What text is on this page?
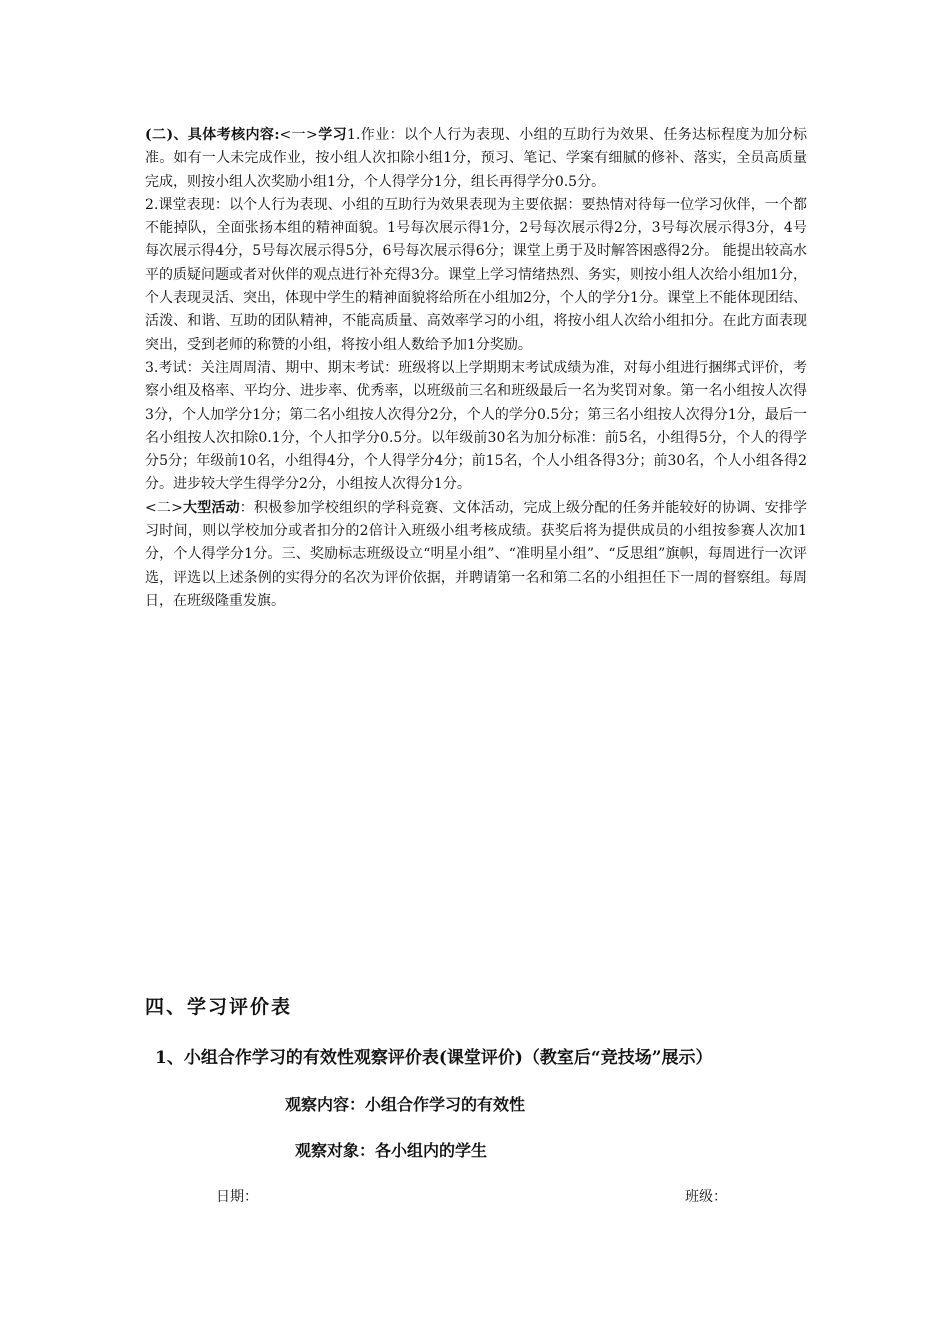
(二)、具体考核内容:<一>学习1.作业：以个人行为表现、小组的互助行为效果、任务达标程度为加分标准。如有一人未完成作业，按小组人次扣除小组1分，预习、笔记、学案有细腻的修补、落实，全员高质量完成，则按小组人次奖励小组1分，个人得学分1分，组长再得学分0.5分。

2.课堂表现：以个人行为表现、小组的互助行为效果表现为主要依据：要热情对待每一位学习伙伴，一个都不能掉队，全面张扬本组的精神面貌。1号每次展示得1分，2号每次展示得2分，3号每次展示得3分，4号每次展示得4分，5号每次展示得5分，6号每次展示得6分；课堂上勇于及时解答困惑得2分。 能提出较高水平的质疑问题或者对伙伴的观点进行补充得3分。课堂上学习情绪热烈、务实，则按小组人次给小组加1分，个人表现灵活、突出，体现中学生的精神面貌将给所在小组加2分，个人的学分1分。课堂上不能体现团结、活泼、和谐、互助的团队精神，不能高质量、高效率学习的小组，将按小组人次给小组扣分。在此方面表现突出，受到老师的称赞的小组，将按小组人数给予加1分奖励。

3.考试：关注周周清、期中、期末考试：班级将以上学期期末考试成绩为准，对每小组进行捆绑式评价，考察小组及格率、平均分、进步率、优秀率，以班级前三名和班级最后一名为奖罚对象。第一名小组按人次得3分，个人加学分1分；第二名小组按人次得分2分，个人的学分0.5分；第三名小组按人次得分1分，最后一名小组按人次扣除0.1分，个人扣学分0.5分。以年级前30名为加分标准：前5名，小组得5分，个人的得学分5分；年级前10名，小组得4分，个人得学分4分；前15名，个人小组各得3分；前30名，个人小组各得2分。进步较大学生得学分2分，小组按人次得分1分。

<二>大型活动：积极参加学校组织的学科竞赛、文体活动，完成上级分配的任务并能较好的协调、安排学习时间，则以学校加分或者扣分的2倍计入班级小组考核成绩。获奖后将为提供成员的小组按参赛人次加1分，个人得学分1分。三、奖励标志班级设立“明星小组”、“准明星小组”、“反思组”旗帜，每周进行一次评选，评选以上述条例的实得分的名次为评价依据，并聘请第一名和第二名的小组担任下一周的督察组。每周日，在班级隆重发旗。

四、学习评价表
1、小组合作学习的有效性观察评价表(课堂评价)（教室后“竞技场”展示）
观察内容：小组合作学习的有效性
观察对象：各小组内的学生
日期：	班级：
